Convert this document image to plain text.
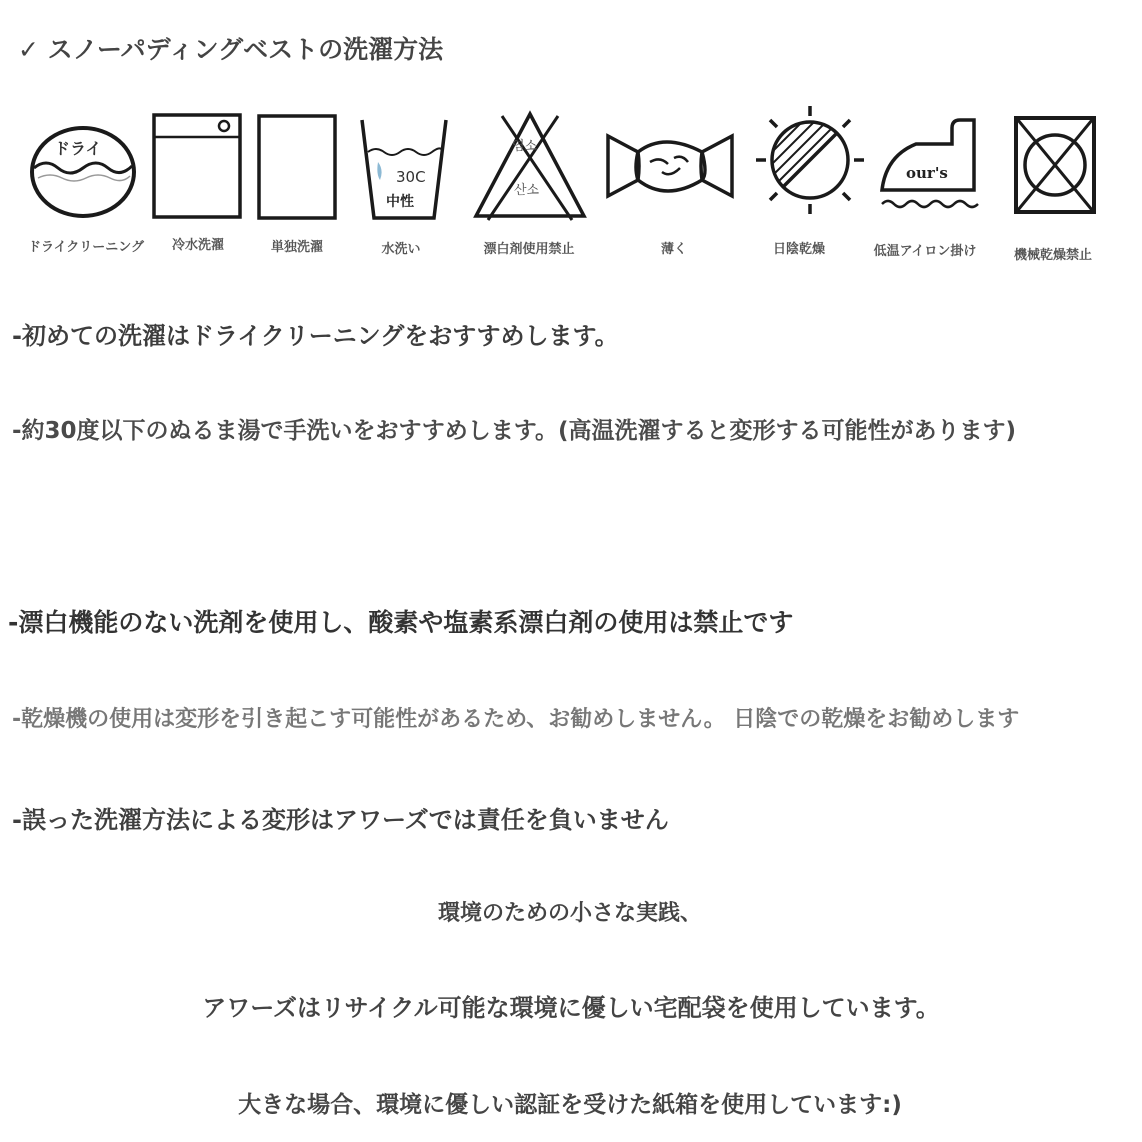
✓ スノーパディングベストの洗濯方法
ドライ
ドライクリーニング 冷水洗濯	単独洗濯
30C
中性
水洗い
염소
산소
漂白剤使用禁止	薄く	日陰乾燥
our's
低温アイロン掛け	機械乾燥禁止
-初めての洗濯はドライクリーニングをおすすめします。
-約30度以下のぬるま湯で手洗いをおすすめします。(高温洗濯すると変形する可能性があります)
-漂白機能のない洗剤を使用し、酸素や塩素系漂白剤の使用は禁止です
-乾燥機の使用は変形を引き起こす可能性があるため、お勧めしません。 日陰での乾燥をお勧めします
-誤った洗濯方法による変形はアワーズでは責任を負いません
環境のための小さな実践、
アワーズはリサイクル可能な環境に優しい宅配袋を使用しています。
大きな場合、環境に優しい認証を受けた紙箱を使用しています:)
